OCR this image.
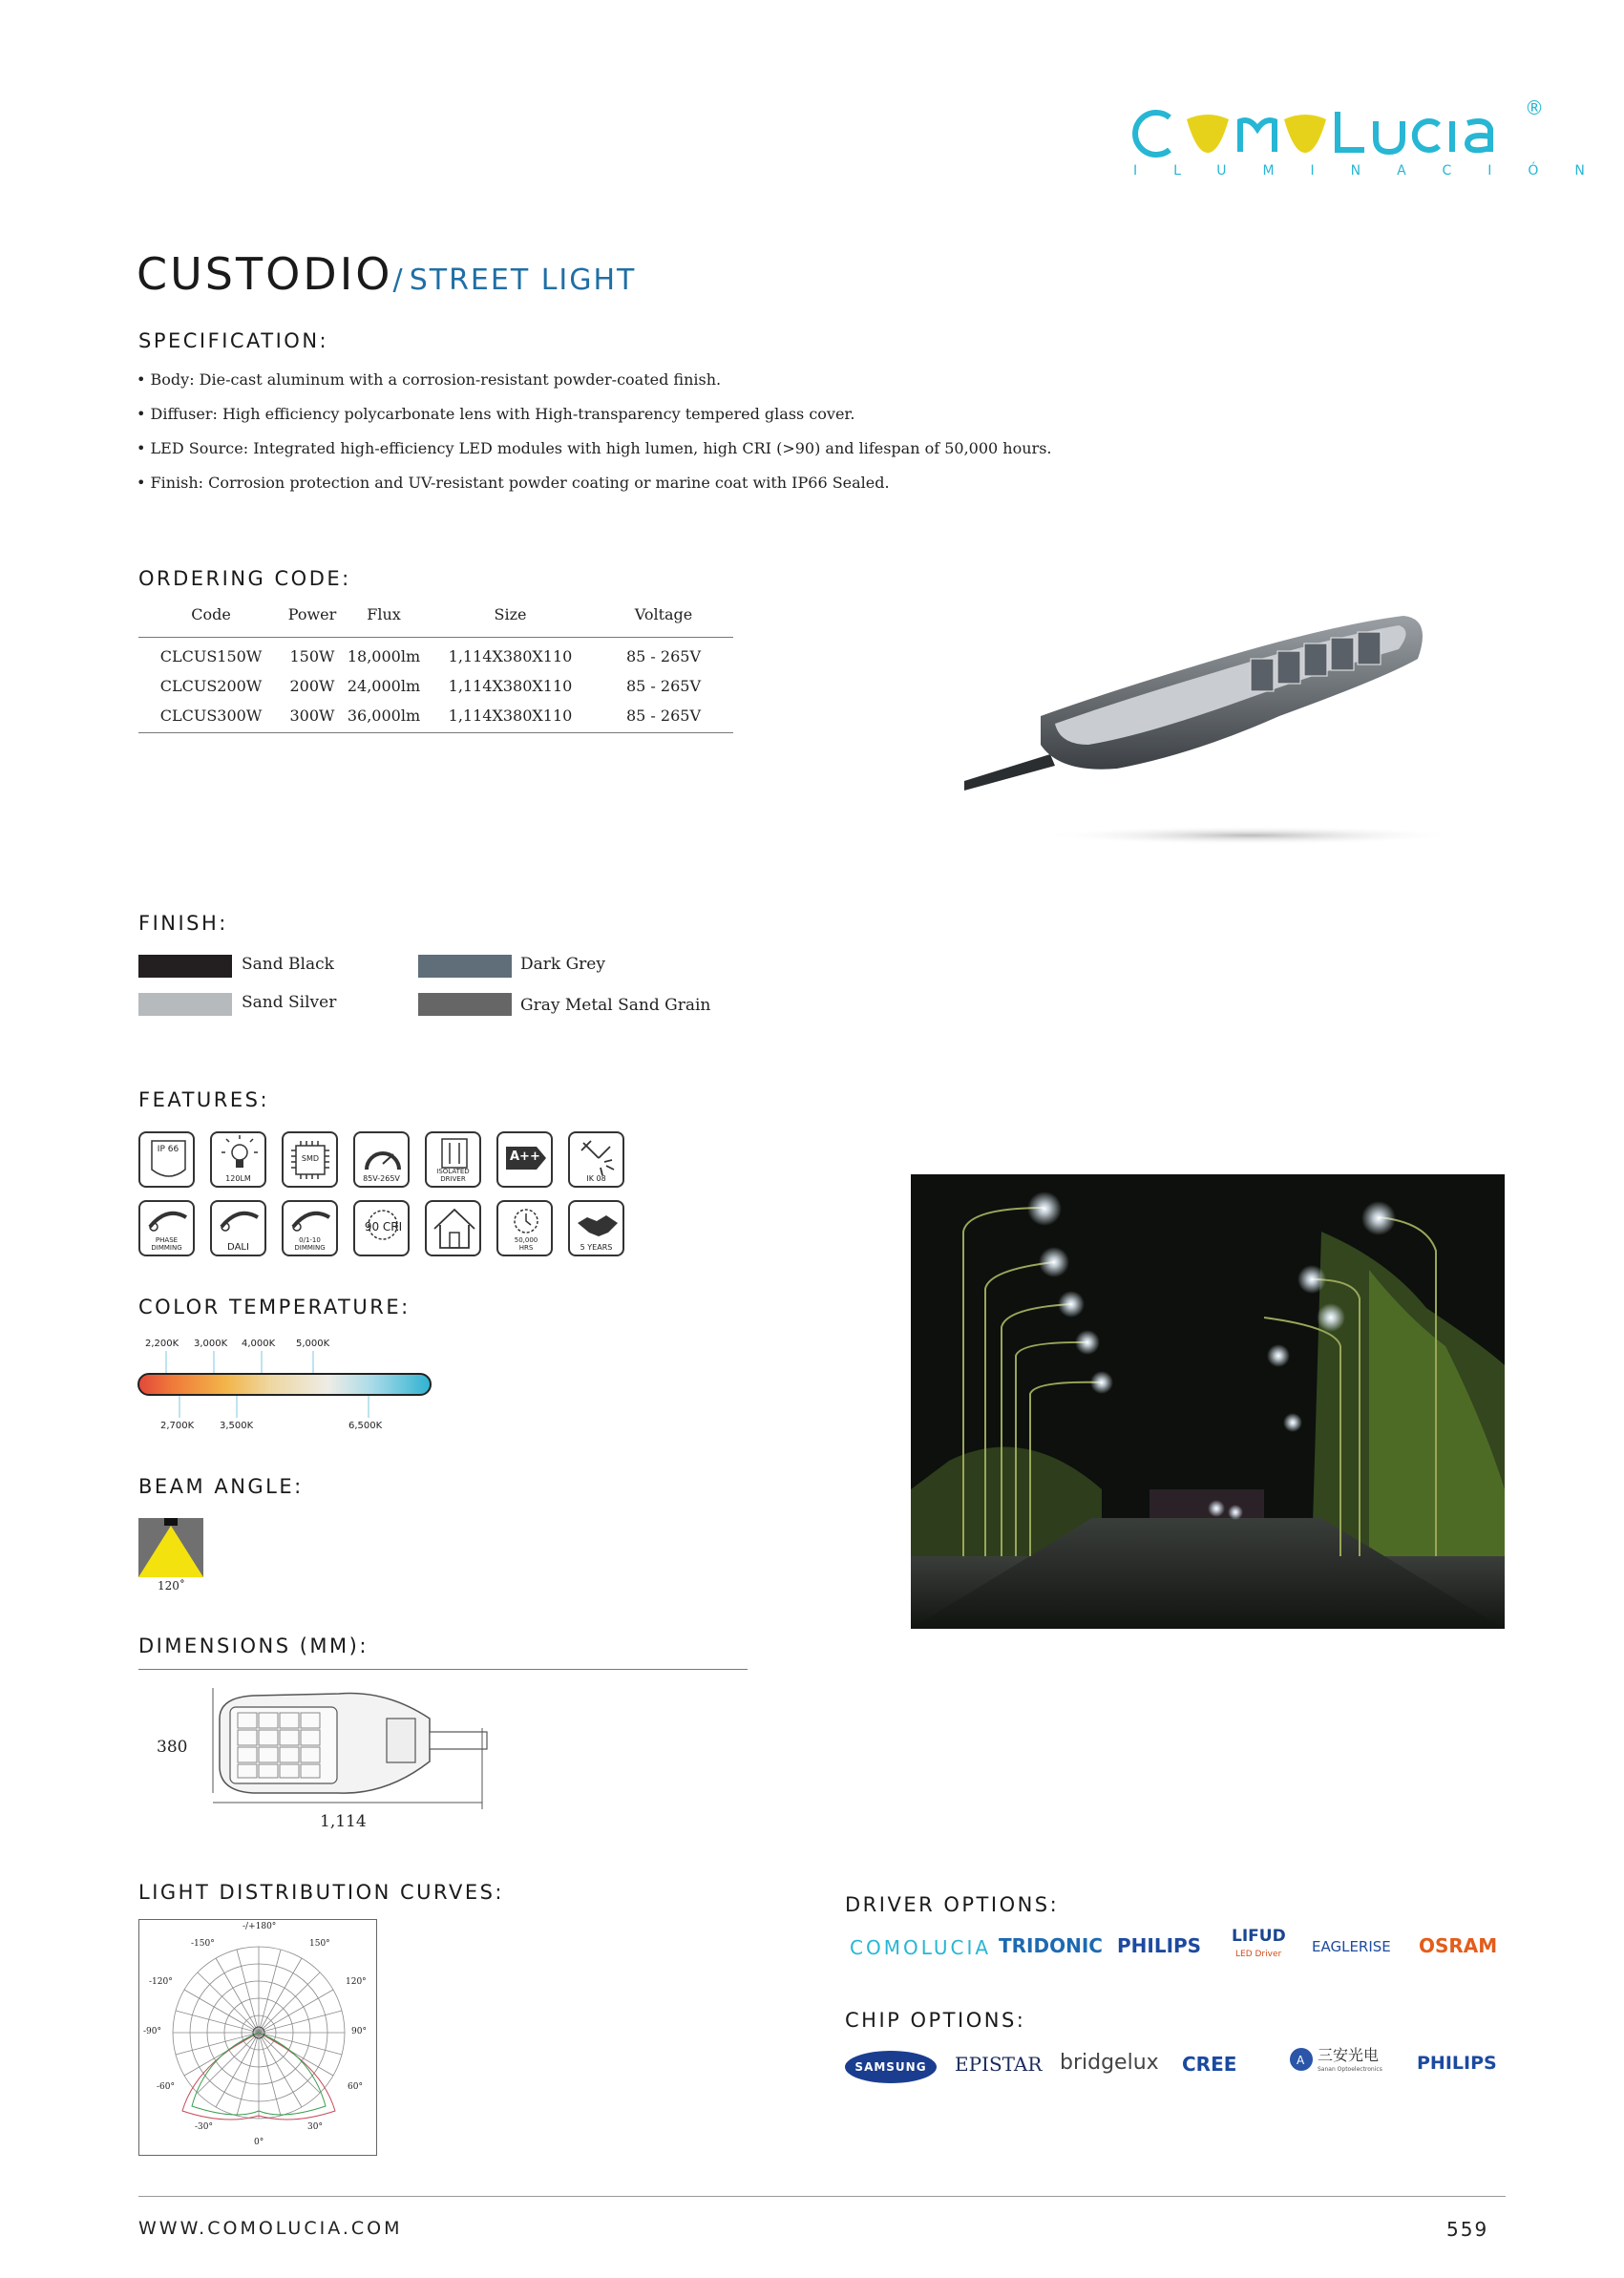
®
ILUMINACIÓN
CUSTODIO/ STREET LIGHT
SPECIFICATION:
• Body: Die-cast aluminum with a corrosion-resistant powder-coated finish.
• Diffuser: High efficiency polycarbonate lens with High-transparency tempered glass cover.
• LED Source: Integrated high-efficiency LED modules with high lumen, high CRI (>90) and lifespan of 50,000 hours.
• Finish: Corrosion protection and UV-resistant powder coating or marine coat with IP66 Sealed.
ORDERING CODE:
Code	Power	Flux	Size	Voltage
CLCUS150W	150W	18,000lm	1,114X380X110	85 - 265V
CLCUS200W	200W	24,000lm	1,114X380X110	85 - 265V
CLCUS300W	300W	36,000lm	1,114X380X110	85 - 265V
FINISH:
Sand Black	Dark Grey
Sand Silver	Gray Metal Sand Grain
FEATURES:
IP 66
120LM
SMD
85V-265V
ISOLATED DRIVER
A++
IK 08
PHASE DIMMING	DALI
0/1-10 DIMMING
90 CRI
50,000 HRS	5 YEARS
COLOR TEMPERATURE:
2,200K 3,000K 4,000K 5,000K
2,700K	3,500K	6,500K
BEAM ANGLE:
120˚
DIMENSIONS (MM):
380
1,114
LIGHT DISTRIBUTION CURVES:
-/+180°
-150°	150°
-120°	120°
-90°	90°
-60°	60°
-30°	30°
0°
DRIVER OPTIONS:
COMOLUCIA TRIDONIC PHILIPS LIFUD
LED Driver EAGLERISE OSRAM
CHIP OPTIONS:
SAMSUNG	EPISTAR bridgelux CREE	A 三安光电
Sanan Optoelectronics PHILIPS
WWW.COMOLUCIA.COM	559
